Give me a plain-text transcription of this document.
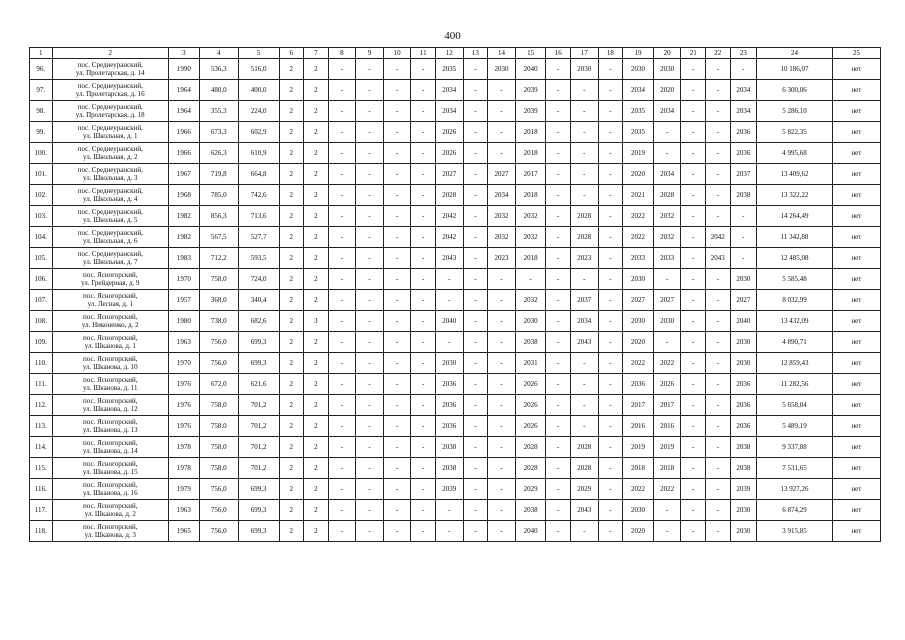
400
1	2	3	4	5	6	7	8	9	10	11	12	13	14	15	16	17	18	19	20	21	22	23	24	25
96.	пос. Среднеуранский,
ул. Пролетарская, д. 14	1990	536,3	516,0	2	2	-	-	-	-	2035	-	2030	2040	-	2030	-	2030	2030	-	-	-	10 186,07	нет
97.	пос. Среднеуранский,
ул. Пролетарская, д. 16	1964	480,0	400,0	2	2	-	-	-	-	2034	-	-	2039	-	-	-	2034	2020	-	-	2034	6 300,06	нет
98.	пос. Среднеуранский,
ул. Пролетарская, д. 18	1964	355,3	224,0	2	2	-	-	-	-	2034	-	-	2039	-	-	-	2035	2034	-	-	2034	5 286,10	нет
99.	пос. Среднеуранский,
ул. Школьная, д. 1	1966	673,3	602,9	2	2	-	-	-	-	2026	-	-	2018	-	-	-	2035	-	-	-	2036	5 822,35	нет
100.	пос. Среднеуранский,
ул. Школьная, д. 2	1966	626,3	610,9	2	2	-	-	-	-	2026	-	-	2018	-	-	-	2019	-	-	-	2036	4 995,68	нет
101.	пос. Среднеуранский,
ул. Школьная, д. 3	1967	719,8	664,8	2	2	-	-	-	-	2027	-	2027	2017	-	-	-	2020	2034	-	-	2037	13 409,62	нет
102.	пос. Среднеуранский,
ул. Школьная, д. 4	1968	785,0	742,6	2	2	-	-	-	-	2028	-	2034	2018	-	-	-	2021	2028	-	-	2038	13 322,22	нет
103.	пос. Среднеуранский,
ул. Школьная, д. 5	1982	856,3	713,6	2	2	-	-	-	-	2042	-	2032	2032	-	2028	-	2022	2032	-	-	-	14 264,49	нет
104.	пос. Среднеуранский,
ул. Школьная, д. 6	1982	567,5	527,7	2	2	-	-	-	-	2042	-	2032	2032	-	2028	-	2022	2032	-	2042	-	11 342,88	нет
105.	пос. Среднеуранский,
ул. Школьная, д. 7	1983	712,2	593,5	2	2	-	-	-	-	2043	-	2023	2018	-	2023	-	2033	2033	-	2043	-	12 485,08	нет
106.	пос. Ясногорский,
ул. Грейдерная, д. 9	1970	758,0	724,0	2	2	-	-	-	-	-	-	-	-	-	-	-	2030	-	-	-	2030	5 585,48	нет
107.	пос. Ясногорский,
ул. Лесная, д. 1	1957	368,0	340,4	2	2	-	-	-	-	-	-	-	2032	-	2037	-	2027	2027	-	-	2027	8 032,99	нет
108.	пос. Ясногорский,
ул. Никоненко, д. 2	1980	738,0	682,6	2	3	-	-	-	-	2040	-	-	2030	-	2034	-	2030	2030	-	-	2040	13 432,09	нет
109.	пос. Ясногорский,
ул. Шканова, д. 1	1963	756,0	699,3	2	2	-	-	-	-	-	-	-	2038	-	2043	-	2020	-	-	-	2030	4 890,71	нет
110.	пос. Ясногорский,
ул. Шканова, д. 10	1970	756,0	699,3	2	2	-	-	-	-	2030	-	-	2031	-	-	-	2022	2022	-	-	2030	12 859,43	нет
111.	пос. Ясногорский,
ул. Шканова, д. 11	1976	672,0	621,6	2	2	-	-	-	-	2036	-	-	2026	-	-	-	2036	2026	-	-	2036	11 282,56	нет
112.	пос. Ясногорский,
ул. Шканова, д. 12	1976	758,0	701,2	2	2	-	-	-	-	2036	-	-	2026	-	-	-	2017	2017	-	-	2036	5 658,04	нет
113.	пос. Ясногорский,
ул. Шканова, д. 13	1976	758,0	701,2	2	2	-	-	-	-	2036	-	-	2026	-	-	-	2016	2016	-	-	2036	5 489,19	нет
114.	пос. Ясногорский,
ул. Шканова, д. 14	1978	758,0	701,2	2	2	-	-	-	-	2038	-	-	2028	-	2028	-	2019	2019	-	-	2038	9 337,88	нет
115.	пос. Ясногорский,
ул. Шканова, д. 15	1978	758,0	701,2	2	2	-	-	-	-	2038	-	-	2028	-	2028	-	2018	2018	-	-	2038	7 531,65	нет
116.	пос. Ясногорский,
ул. Шканова, д. 16	1979	756,0	699,3	2	2	-	-	-	-	2039	-	-	2029	-	2029	-	2022	2022	-	-	2039	13 927,26	нет
117.	пос. Ясногорский,
ул. Шканова, д. 2	1963	756,0	699,3	2	2	-	-	-	-	-	-	-	2038	-	2043	-	2030	-	-	-	2030	6 874,29	нет
118.	пос. Ясногорский,
ул. Шканова, д. 3	1965	756,0	699,3	2	2	-	-	-	-	-	-	-	2040	-	-	-	2020	-	-	-	2030	3 915,85	нет
